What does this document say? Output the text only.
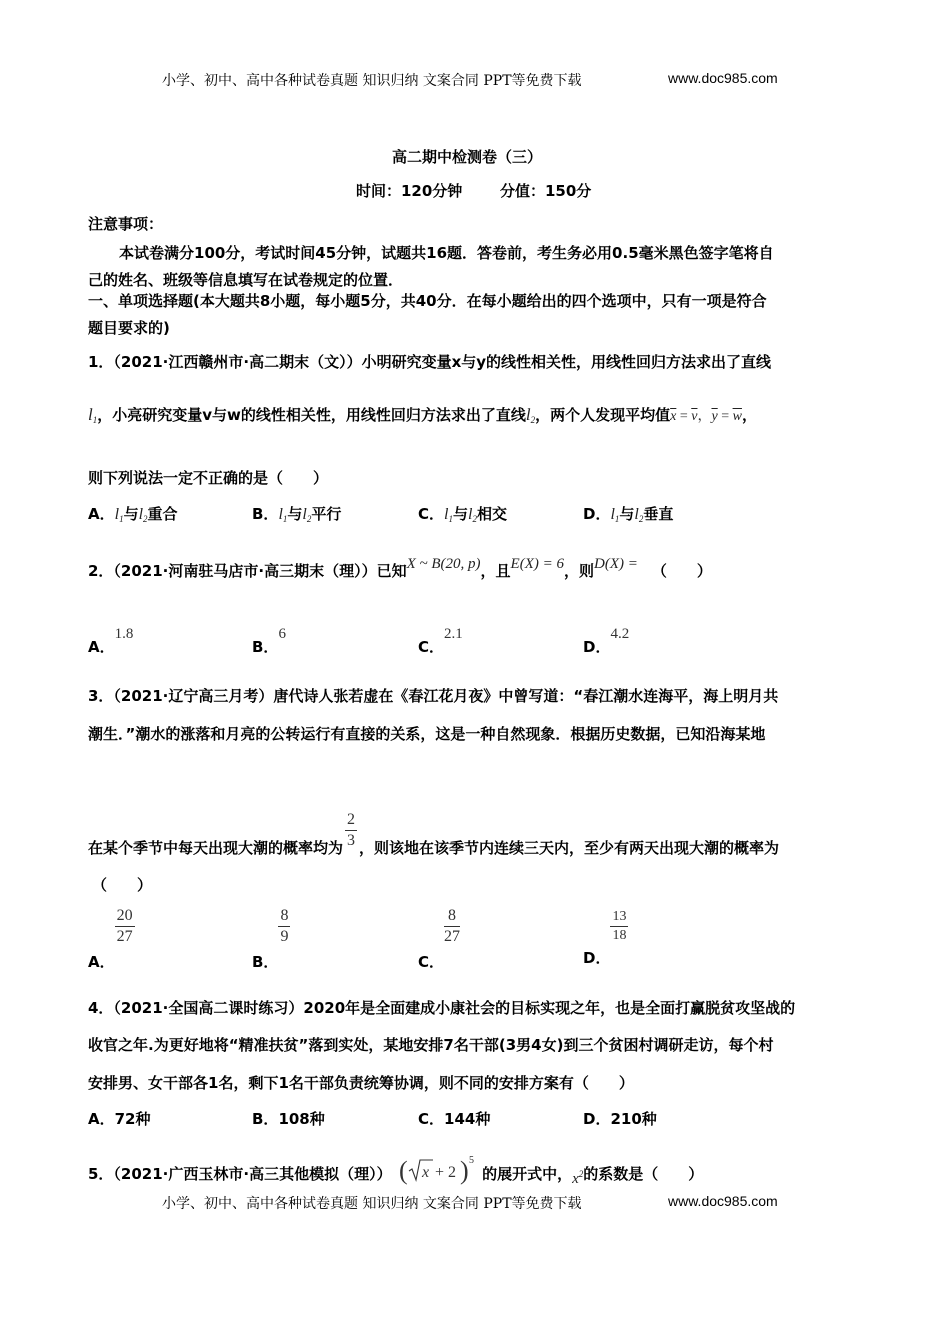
小学、初中、高中各种试卷真题 知识归纳 文案合同 PPT等免费下载	www.doc985.com
高二期中检测卷（三）
时间：120分钟	分值：150分
注意事项：
本试卷满分100分，考试时间45分钟，试题共16题．答卷前，考生务必用0.5毫米黑色签字笔将自
己的姓名、班级等信息填写在试卷规定的位置．
一、单项选择题(本大题共8小题，每小题5分，共40分．在每小题给出的四个选项中，只有一项是符合
题目要求的)
1．（2021·江西赣州市·高二期末（文））小明研究变量x与y的线性相关性，用线性回归方法求出了直线
$l_1$，小亮研究变量v与w的线性相关性，用线性回归方法求出了直线$l_2$，两个人发现平均值$\overline{x} = \overline{v}$，$\overline{y} = \overline{w}$，
则下列说法一定不正确的是（　　）
A．$l_1$与$l_2$重合	B．$l_1$与$l_2$平行	C．$l_1$与$l_2$相交	D．$l_1$与$l_2$垂直
2．（2021·河南驻马店市·高三期末（理））已知X ~ B(20, p)，且E(X) = 6，则D(X) = （　　）
A．1.8
B．6
C．2.1
D．4.2
3．（2021·辽宁高三月考）唐代诗人张若虚在《春江花月夜》中曾写道：“春江潮水连海平，海上明月共
潮生．”潮水的涨落和月亮的公转运行有直接的关系，这是一种自然现象．根据历史数据，已知沿海某地
在某个季节中每天出现大潮的概率均为 $\frac{2}{3}$ ，则该地在该季节内连续三天内，至少有两天出现大潮的概率为
（　　）
A．
$\frac{20}{27}$
B．
$\frac{8}{9}$
C．
$\frac{8}{27}$
D．
$\frac{13}{18}$
4．（2021·全国高二课时练习）2020年是全面建成小康社会的目标实现之年，也是全面打赢脱贫攻坚战的
收官之年.为更好地将“精准扶贫”落到实处，某地安排7名干部(3男4女)到三个贫困村调研走访，每个村
安排男、女干部各1名，剩下1名干部负责统筹协调，则不同的安排方案有（　　）
A．72种	B．108种	C．144种	D．210种
5．（2021·广西玉林市·高三其他模拟（理）） ( x + 2 ) 5
的展开式中，$x^2$的系数是（　　）
小学、初中、高中各种试卷真题 知识归纳 文案合同 PPT等免费下载	www.doc985.com
